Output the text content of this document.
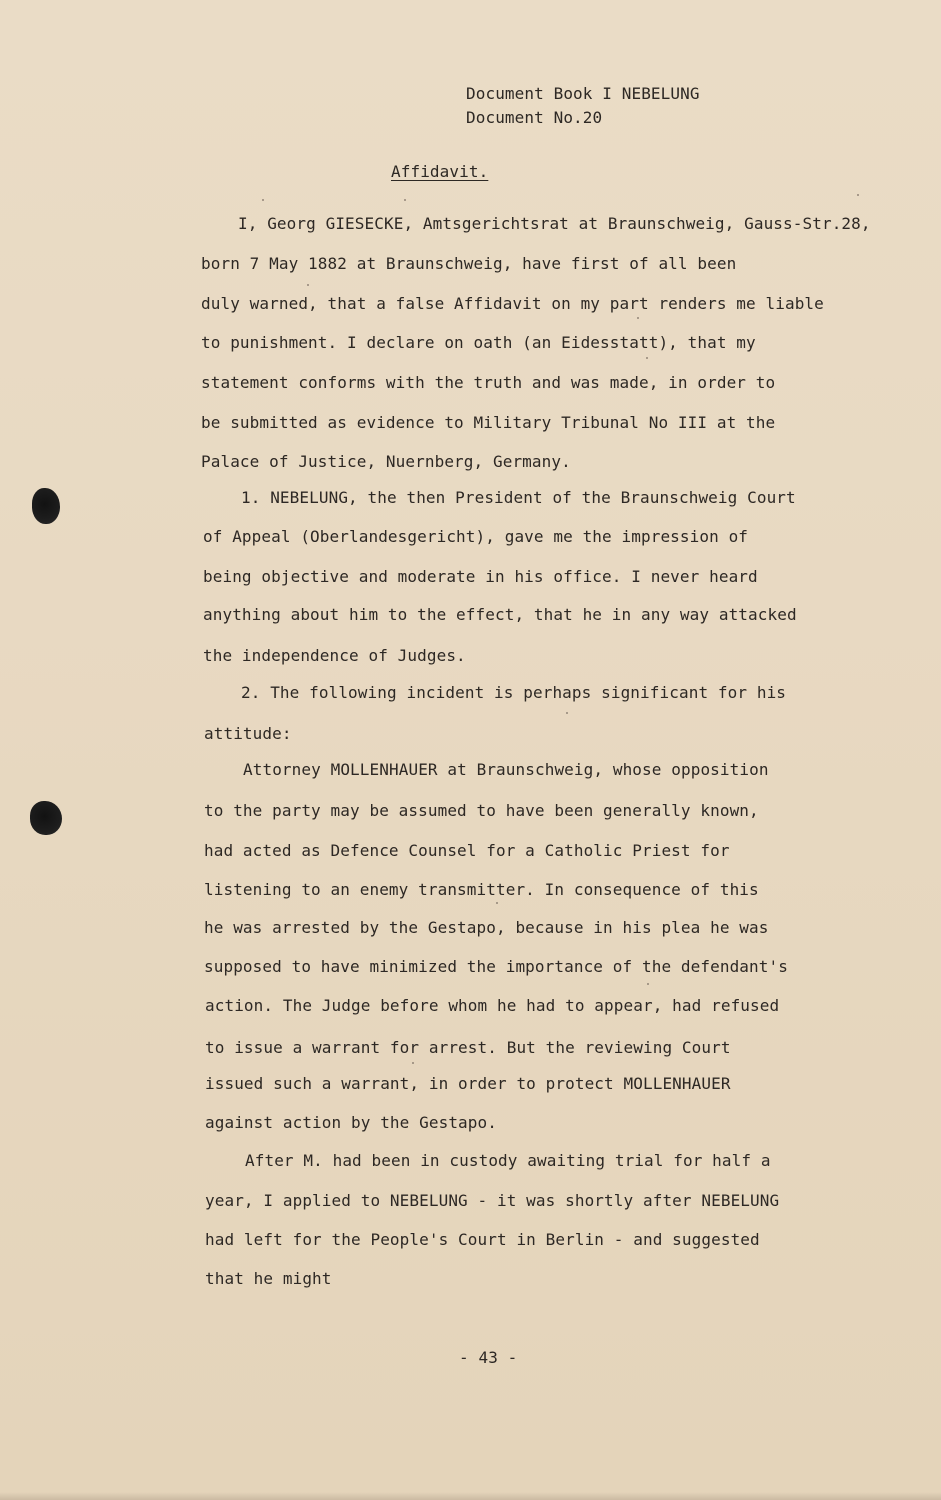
Document Book I NEBELUNG
Document No.20
Affidavit.
I, Georg GIESECKE, Amtsgerichtsrat at Braunschweig, Gauss-Str.28,
born 7 May 1882 at Braunschweig, have first of all been
duly warned, that a false Affidavit on my part renders me liable
to punishment. I declare on oath (an Eidesstatt), that my
statement conforms with the truth and was made, in order to
be submitted as evidence to Military Tribunal No III at the
Palace of Justice, Nuernberg, Germany.
1. NEBELUNG, the then President of the Braunschweig Court
of Appeal (Oberlandesgericht), gave me the impression of
being objective and moderate in his office. I never heard
anything about him to the effect, that he in any way attacked
the independence of Judges.
2. The following incident is perhaps significant for his
attitude:
Attorney MOLLENHAUER at Braunschweig, whose opposition
to the party may be assumed to have been generally known,
had acted as Defence Counsel for a Catholic Priest for
listening to an enemy transmitter. In consequence of this
he was arrested by the Gestapo, because in his plea he was
supposed to have minimized the importance of the defendant's
action. The Judge before whom he had to appear, had refused
to issue a warrant for arrest. But the reviewing Court
issued such a warrant, in order to protect MOLLENHAUER
against action by the Gestapo.
After M. had been in custody awaiting trial for half a
year, I applied to NEBELUNG - it was shortly after NEBELUNG
had left for the People's Court in Berlin - and suggested
that he might
- 43 -
